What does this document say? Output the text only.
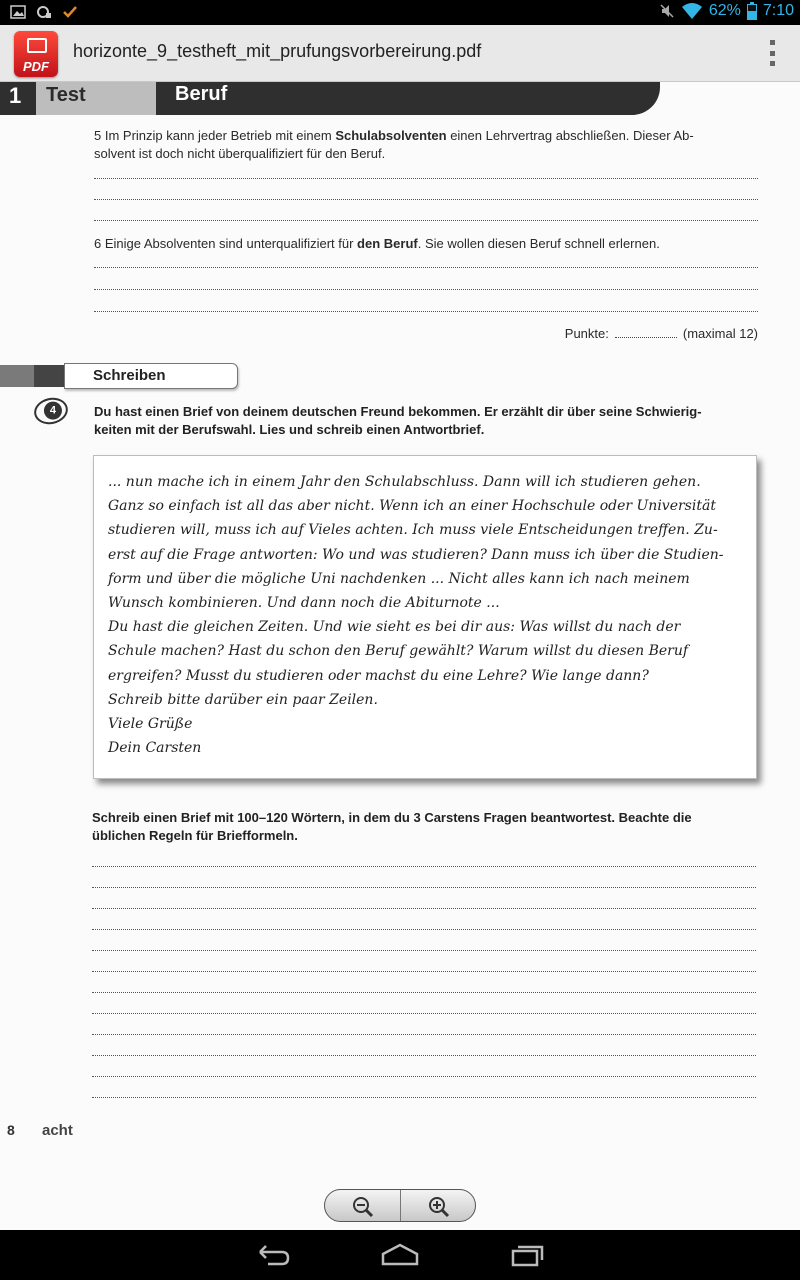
62% 7:10
PDF
horizonte_9_testheft_mit_prufungsvorbereirung.pdf
1 Test	Beruf
5 Im Prinzip kann jeder Betrieb mit einem Schulabsolventen einen Lehrvertrag abschließen. Dieser Ab-
solvent ist doch nicht überqualifiziert für den Beruf.
6 Einige Absolventen sind unterqualifiziert für den Beruf. Sie wollen diesen Beruf schnell erlernen.
Punkte:	(maximal 12)
Schreiben
4	Du hast einen Brief von deinem deutschen Freund bekommen. Er erzählt dir über seine Schwierig-
keiten mit der Berufswahl. Lies und schreib einen Antwortbrief.
... nun mache ich in einem Jahr den Schulabschluss. Dann will ich studieren gehen.
Ganz so einfach ist all das aber nicht. Wenn ich an einer Hochschule oder Universität
studieren will, muss ich auf Vieles achten. Ich muss viele Entscheidungen treffen. Zu-
erst auf die Frage antworten: Wo und was studieren? Dann muss ich über die Studien-
form und über die mögliche Uni nachdenken ... Nicht alles kann ich nach meinem
Wunsch kombinieren. Und dann noch die Abiturnote ...
Du hast die gleichen Zeiten. Und wie sieht es bei dir aus: Was willst du nach der
Schule machen? Hast du schon den Beruf gewählt? Warum willst du diesen Beruf
ergreifen? Musst du studieren oder machst du eine Lehre? Wie lange dann?
Schreib bitte darüber ein paar Zeilen.
Viele Grüße
Dein Carsten
Schreib einen Brief mit 100–120 Wörtern, in dem du 3 Carstens Fragen beantwortest. Beachte die
üblichen Regeln für Briefformeln.
8 acht
